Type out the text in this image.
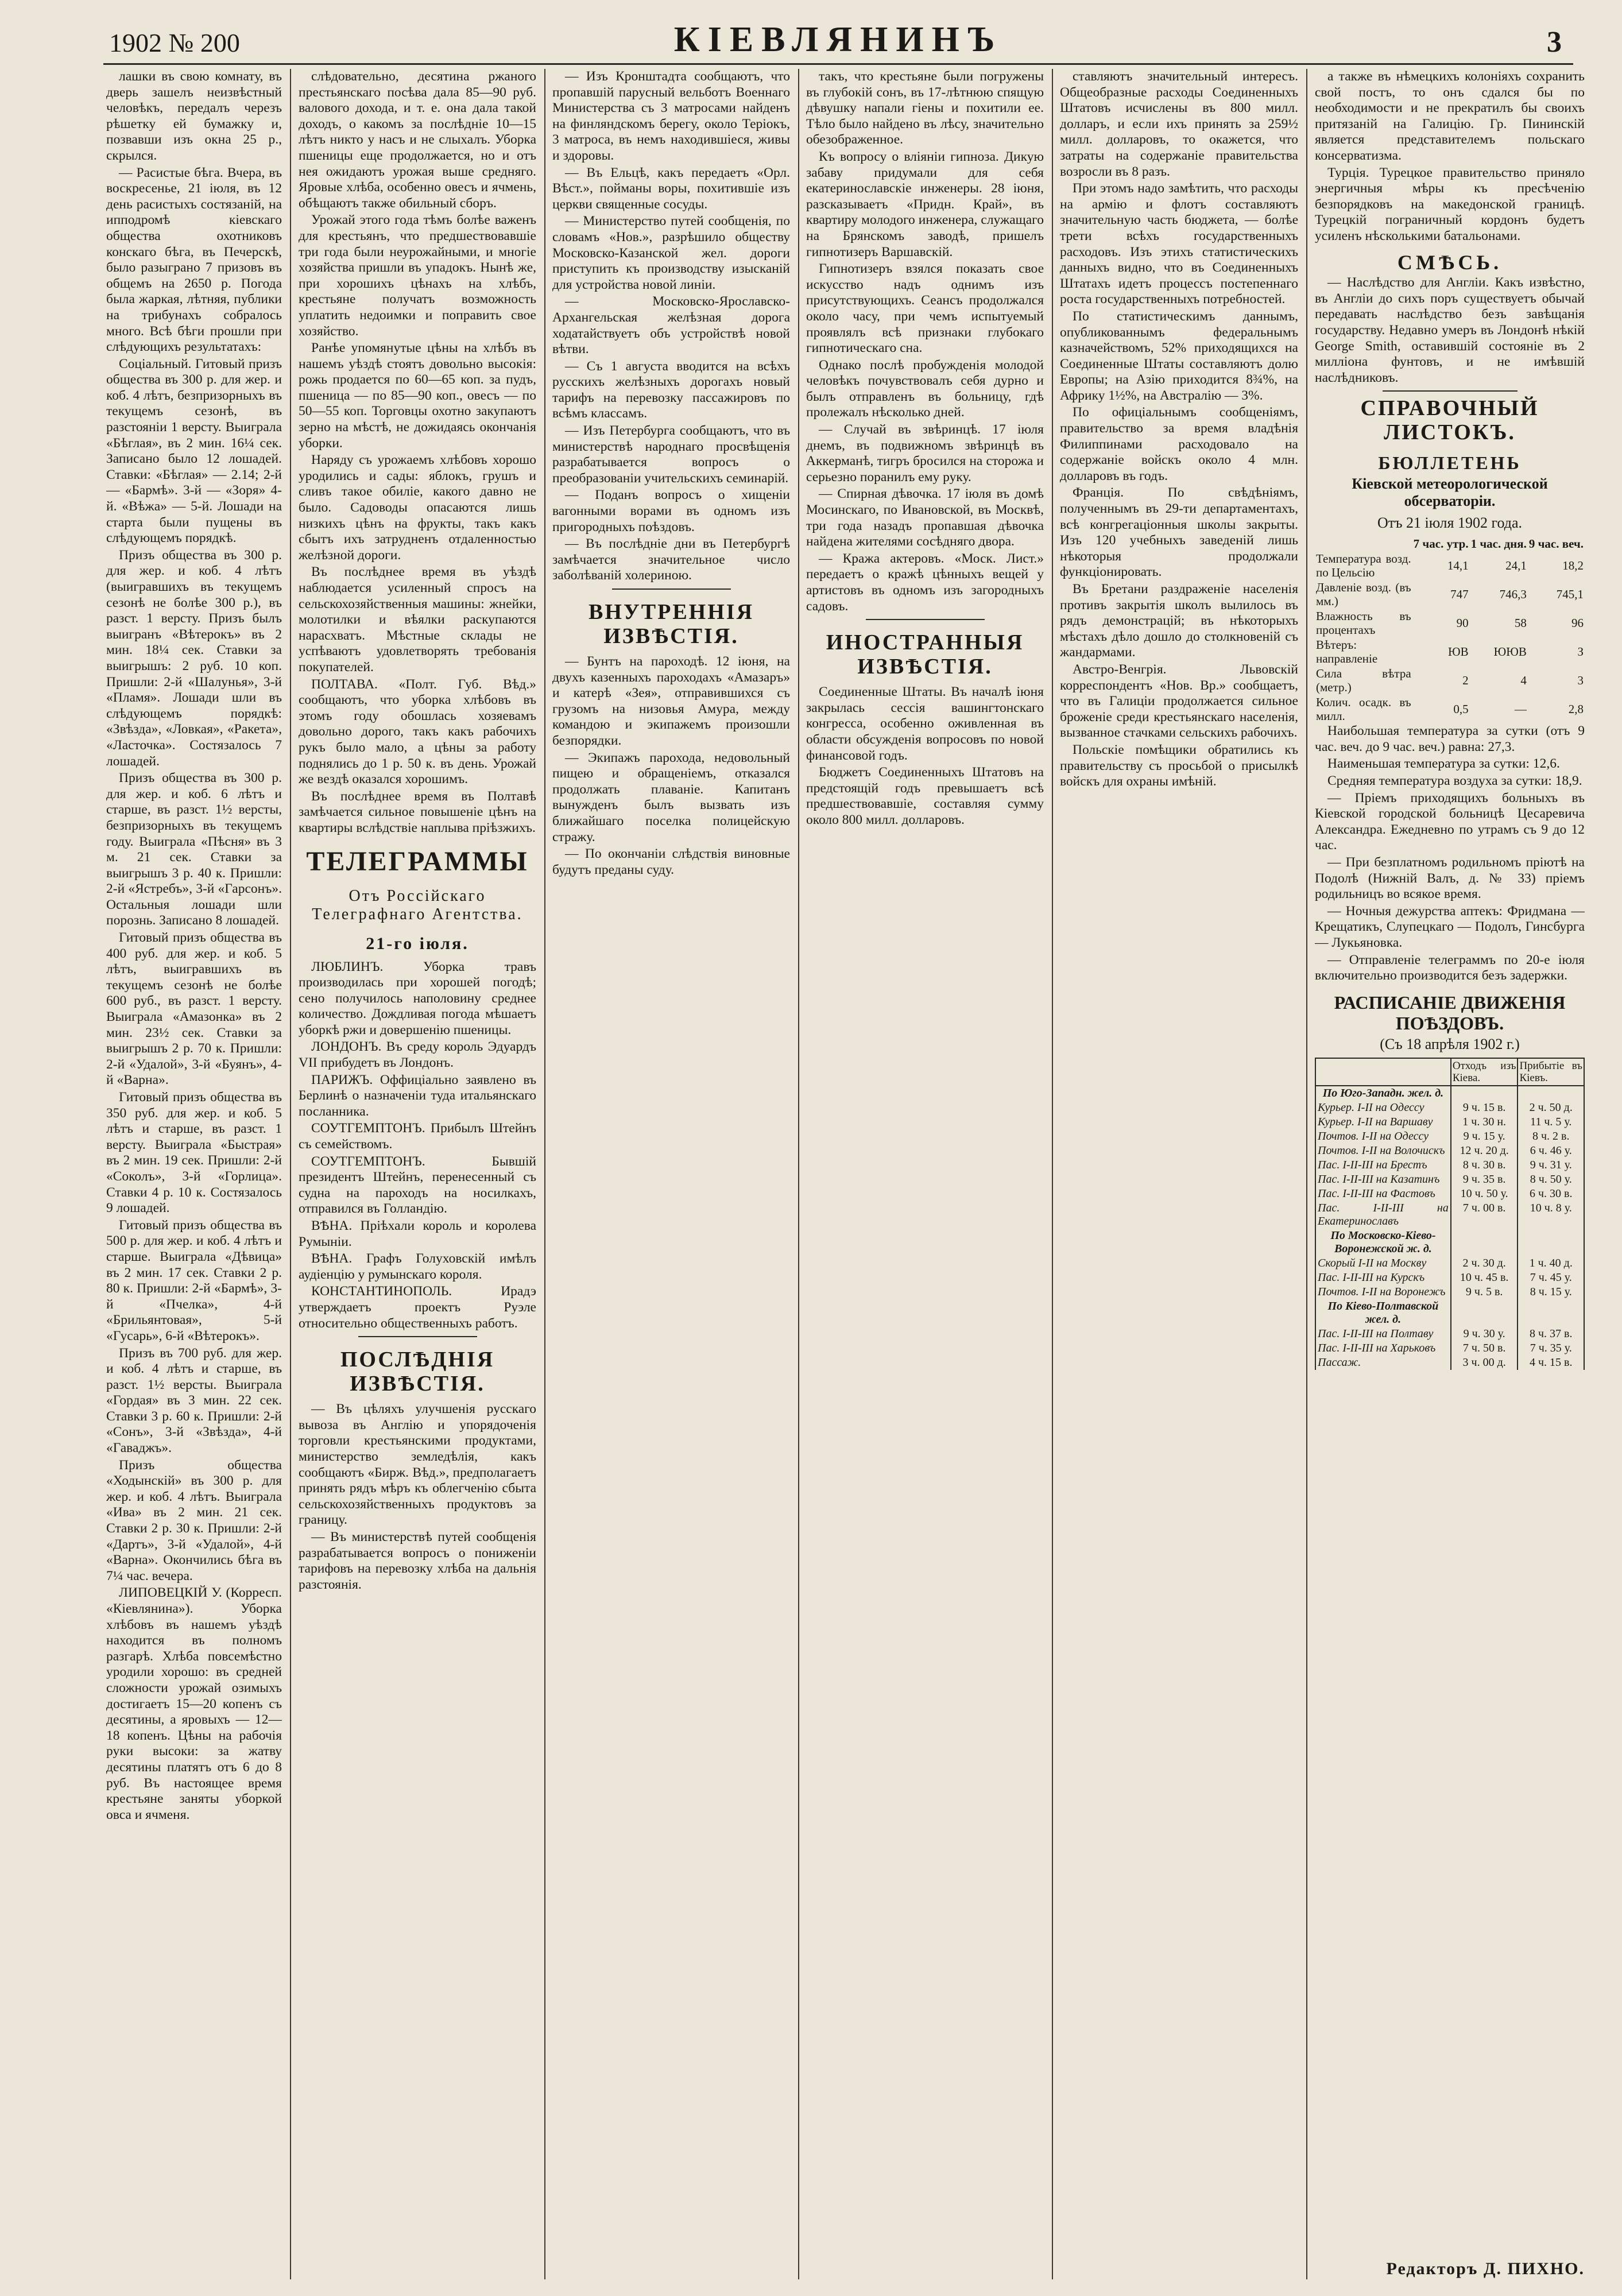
1902 № 200	КІЕВЛЯНИНЪ	3

лашки въ свою комнату, въ дверь зашелъ неизвѣстный человѣкъ, передалъ черезъ рѣшетку ей бумажку и, позвавши изъ окна 25 р., скрылся.

— Расистые бѣга. Вчера, въ воскресенье, 21 іюля, въ 12 день расистыхъ состязаній, на ипподромѣ кіевскаго общества охотниковъ конскаго бѣга, въ Печерскѣ, было разыграно 7 призовъ въ общемъ на 2650 р. Погода была жаркая, лѣтняя, публики на трибунахъ собралось много. Всѣ бѣги прошли при слѣдующихъ результатахъ:

Соціальный. Гитовый призъ общества въ 300 р. для жер. и коб. 4 лѣтъ, безпризорныхъ въ текущемъ сезонѣ, въ разстояніи 1 версту. Выиграла «Бѣглая», въ 2 мин. 16¼ сек. Записано было 12 лошадей. Ставки: «Бѣглая» — 2.14; 2-й — «Бармѣ». 3-й — «Зоря» 4-й. «Вѣжа» — 5-й. Лошади на старта были пущены въ слѣдующемъ порядкѣ.

Призъ общества въ 300 р. для жер. и коб. 4 лѣтъ (выигравшихъ въ текущемъ сезонѣ не болѣе 300 р.), въ разст. 1 версту. Призъ былъ выигранъ «Вѣтерокъ» въ 2 мин. 18¼ сек. Ставки за выигрышъ: 2 руб. 10 коп. Пришли: 2-й «Шалунья», 3-й «Пламя». Лошади шли въ слѣдующемъ порядкѣ: «Звѣзда», «Ловкая», «Ракета», «Ласточка». Состязалось 7 лошадей.

Призъ общества въ 300 р. для жер. и коб. 6 лѣтъ и старше, въ разст. 1½ версты, безпризорныхъ въ текущемъ году. Выиграла «Пѣсня» въ 3 м. 21 сек. Ставки за выигрышъ 3 р. 40 к. Пришли: 2-й «Ястребъ», 3-й «Гарсонъ». Остальныя лошади шли порознь. Записано 8 лошадей.

Гитовый призъ общества въ 400 руб. для жер. и коб. 5 лѣтъ, выигравшихъ въ текущемъ сезонѣ не болѣе 600 руб., въ разст. 1 версту. Выиграла «Амазонка» въ 2 мин. 23½ сек. Ставки за выигрышъ 2 р. 70 к. Пришли: 2-й «Удалой», 3-й «Буянъ», 4-й «Варна».

Гитовый призъ общества въ 350 руб. для жер. и коб. 5 лѣтъ и старше, въ разст. 1 версту. Выиграла «Быстрая» въ 2 мин. 19 сек. Пришли: 2-й «Соколъ», 3-й «Горлица». Ставки 4 р. 10 к. Состязалось 9 лошадей.

Гитовый призъ общества въ 500 р. для жер. и коб. 4 лѣтъ и старше. Выиграла «Дѣвица» въ 2 мин. 17 сек. Ставки 2 р. 80 к. Пришли: 2-й «Бармѣ», 3-й «Пчелка», 4-й «Брильянтовая», 5-й «Гусарь», 6-й «Вѣтерокъ».

Призъ въ 700 руб. для жер. и коб. 4 лѣтъ и старше, въ разст. 1½ версты. Выиграла «Гордая» въ 3 мин. 22 сек. Ставки 3 р. 60 к. Пришли: 2-й «Сонъ», 3-й «Звѣзда», 4-й «Гаваджъ».

Призъ общества «Ходынскій» въ 300 р. для жер. и коб. 4 лѣтъ. Выиграла «Ива» въ 2 мин. 21 сек. Ставки 2 р. 30 к. Пришли: 2-й «Дартъ», 3-й «Удалой», 4-й «Варна». Окончились бѣга въ 7¼ час. вечера.

ЛИПОВЕЦКІЙ У. (Корресп. «Кіевлянина»). Уборка хлѣбовъ въ нашемъ уѣздѣ находится въ полномъ разгарѣ. Хлѣба повсемѣстно уродили хорошо: въ средней сложности урожай озимыхъ достигаетъ 15—20 копенъ съ десятины, а яровыхъ — 12—18 копенъ. Цѣны на рабочія руки высоки: за жатву десятины платятъ отъ 6 до 8 руб. Въ настоящее время крестьяне заняты уборкой овса и ячменя.

слѣдовательно, десятина ржаного престьянскаго посѣва дала 85—90 руб. валового дохода, и т. е. она дала такой доходъ, о какомъ за послѣдніе 10—15 лѣтъ никто у насъ и не слыхалъ. Уборка пшеницы еще продолжается, но и отъ нея ожидаютъ урожая выше средняго. Яровые хлѣба, особенно овесъ и ячмень, обѣщаютъ также обильный сборъ.

Урожай этого года тѣмъ болѣе важенъ для крестьянъ, что предшествовавшіе три года были неурожайными, и многіе хозяйства пришли въ упадокъ. Нынѣ же, при хорошихъ цѣнахъ на хлѣбъ, крестьяне получатъ возможность уплатить недоимки и поправить свое хозяйство.

Ранѣе упомянутые цѣны на хлѣбъ въ нашемъ уѣздѣ стоятъ довольно высокія: рожь продается по 60—65 коп. за пудъ, пшеница — по 85—90 коп., овесъ — по 50—55 коп. Торговцы охотно закупаютъ зерно на мѣстѣ, не дожидаясь окончанія уборки.

Наряду съ урожаемъ хлѣбовъ хорошо уродились и сады: яблокъ, грушъ и сливъ такое обиліе, какого давно не было. Садоводы опасаются лишь низкихъ цѣнъ на фрукты, такъ какъ сбытъ ихъ затрудненъ отдаленностью желѣзной дороги.

Въ послѣднее время въ уѣздѣ наблюдается усиленный спросъ на сельскохозяйственныя машины: жнейки, молотилки и вѣялки раскупаются нарасхватъ. Мѣстные склады не успѣваютъ удовлетворять требованія покупателей.

ПОЛТАВА. «Полт. Губ. Вѣд.» сообщаютъ, что уборка хлѣбовъ въ этомъ году обошлась хозяевамъ довольно дорого, такъ какъ рабочихъ рукъ было мало, а цѣны за работу поднялись до 1 р. 50 к. въ день. Урожай же вездѣ оказался хорошимъ.

Въ послѣднее время въ Полтавѣ замѣчается сильное повышеніе цѣнъ на квартиры вслѣдствіе наплыва пріѣзжихъ.

ТЕЛЕГРАММЫ
Отъ Россійскаго Телеграфнаго Агентства.
21-го іюля.

ЛЮБЛИНЪ. Уборка травъ производилась при хорошей погодѣ; сено получилось наполовину среднее количество. Дождливая погода мѣшаетъ уборкѣ ржи и довершенію пшеницы.

ЛОНДОНЪ. Въ среду король Эдуардъ VII прибудетъ въ Лондонъ.

ПАРИЖЪ. Оффиціально заявлено въ Берлинѣ о назначеніи туда итальянскаго посланника.

СОУТГЕМПТОНЪ. Прибылъ Штейнъ съ семействомъ.

СОУТГЕМПТОНЪ. Бывшій президентъ Штейнъ, перенесенный съ судна на пароходъ на носилкахъ, отправился въ Голландію.

ВѢНА. Пріѣхали король и королева Румыніи.

ВѢНА. Графъ Голуховскій имѣлъ аудіенцію у румынскаго короля.

КОНСТАНТИНОПОЛЬ. Ирадэ утверждаетъ проектъ Руэле относительно общественныхъ работъ.

ПОСЛѢДНІЯ ИЗВѢСТІЯ.

— Въ цѣляхъ улучшенія русскаго вывоза въ Англію и упорядоченія торговли крестьянскими продуктами, министерство земледѣлія, какъ сообщаютъ «Бирж. Вѣд.», предполагаетъ принять рядъ мѣръ къ облегченію сбыта сельскохозяйственныхъ продуктовъ за границу.

— Въ министерствѣ путей сообщенія разрабатывается вопросъ о пониженіи тарифовъ на перевозку хлѣба на дальнія разстоянія.

— Изъ Кронштадта сообщаютъ, что пропавшій парусный вельботъ Военнаго Министерства съ 3 матросами найденъ на финляндскомъ берегу, около Теріокъ, 3 матроса, въ немъ находившіеся, живы и здоровы.

— Въ Ельцѣ, какъ передаетъ «Орл. Вѣст.», пойманы воры, похитившіе изъ церкви священные сосуды.

— Министерство путей сообщенія, по словамъ «Нов.», разрѣшило обществу Московско-Казанской жел. дороги приступить къ производству изысканій для устройства новой линіи.

— Московско-Ярославско-Архангельская желѣзная дорога ходатайствуетъ объ устройствѣ новой вѣтви.

— Съ 1 августа вводится на всѣхъ русскихъ желѣзныхъ дорогахъ новый тарифъ на перевозку пассажировъ по всѣмъ классамъ.

— Изъ Петербурга сообщаютъ, что въ министерствѣ народнаго просвѣщенія разрабатывается вопросъ о преобразованіи учительскихъ семинарій.

— Поданъ вопросъ о хищеніи вагонными ворами въ одномъ изъ пригородныхъ поѣздовъ.

— Въ послѣдніе дни въ Петербургѣ замѣчается значительное число заболѣваній холериною.

ВНУТРЕННІЯ ИЗВѢСТІЯ.

— Бунтъ на пароходѣ. 12 іюня, на двухъ казенныхъ пароходахъ «Амазаръ» и катерѣ «Зея», отправившихся съ грузомъ на низовья Амура, между командою и экипажемъ произошли безпорядки.

— Экипажъ парохода, недовольный пищею и обращеніемъ, отказался продолжать плаваніе. Капитанъ вынужденъ былъ вызвать изъ ближайшаго поселка полицейскую стражу.

— По окончаніи слѣдствія виновные будутъ преданы суду.

такъ, что крестьяне были погружены въ глубокій сонъ, въ 17-лѣтнюю спящую дѣвушку напали гіены и похитили ее. Тѣло было найдено въ лѣсу, значительно обезображенное.

Къ вопросу о вліяніи гипноза. Дикую забаву придумали для себя екатеринославскіе инженеры. 28 іюня, разсказываетъ «Придн. Край», въ квартиру молодого инженера, служащаго на Брянскомъ заводѣ, пришелъ гипнотизеръ Варшавскій.

Гипнотизеръ взялся показать свое искусство надъ однимъ изъ присутствующихъ. Сеансъ продолжался около часу, при чемъ испытуемый проявлялъ всѣ признаки глубокаго гипнотическаго сна.

Однако послѣ пробужденія молодой человѣкъ почувствовалъ себя дурно и былъ отправленъ въ больницу, гдѣ пролежалъ нѣсколько дней.

— Случай въ звѣринцѣ. 17 іюля днемъ, въ подвижномъ звѣринцѣ въ Аккерманѣ, тигръ бросился на сторожа и серьезно поранилъ ему руку.

— Спирная дѣвочка. 17 іюля въ домѣ Мосинскаго, по Ивановской, въ Москвѣ, три года назадъ пропавшая дѣвочка найдена жителями сосѣдняго двора.

— Кража актеровъ. «Моск. Лист.» передаетъ о кражѣ цѣнныхъ вещей у артистовъ въ одномъ изъ загородныхъ садовъ.

ИНОСТРАННЫЯ ИЗВѢСТІЯ.

Соединенные Штаты. Въ началѣ іюня закрылась сессія вашингтонскаго конгресса, особенно оживленная въ области обсужденія вопросовъ по новой финансовой годъ.

Бюджетъ Соединенныхъ Штатовъ на предстоящій годъ превышаетъ всѣ предшествовавшіе, составляя сумму около 800 милл. долларовъ.

ставляютъ значительный интересъ. Общеобразные расходы Соединенныхъ Штатовъ исчислены въ 800 милл. долларъ, и если ихъ принять за 259½ милл. долларовъ, то окажется, что затраты на содержаніе правительства возросли въ 8 разъ.

При этомъ надо замѣтить, что расходы на армію и флотъ составляютъ значительную часть бюджета, — болѣе трети всѣхъ государственныхъ расходовъ. Изъ этихъ статистическихъ данныхъ видно, что въ Соединенныхъ Штатахъ идетъ процессъ постепеннаго роста государственныхъ потребностей.

По статистическимъ даннымъ, опубликованнымъ федеральнымъ казначействомъ, 52% приходящихся на Соединенные Штаты составляютъ долю Европы; на Азію приходится 8¾%, на Африку 1½%, на Австралію — 3%.

По офиціальнымъ сообщеніямъ, правительство за время владѣнія Филиппинами расходовало на содержаніе войскъ около 4 млн. долларовъ въ годъ.

Франція. По свѣдѣніямъ, полученнымъ въ 29-ти департаментахъ, всѣ конгрегаціонныя школы закрыты. Изъ 120 учебныхъ заведеній лишь нѣкоторыя продолжали функціонировать.

Въ Бретани раздраженіе населенія противъ закрытія школъ вылилось въ рядъ демонстрацій; въ нѣкоторыхъ мѣстахъ дѣло дошло до столкновеній съ жандармами.

Австро-Венгрія. Львовскій корреспондентъ «Нов. Вр.» сообщаетъ, что въ Галиціи продолжается сильное броженіе среди крестьянскаго населенія, вызванное стачками сельскихъ рабочихъ.

Польскіе помѣщики обратились къ правительству съ просьбой о присылкѣ войскъ для охраны имѣній.

а также въ нѣмецкихъ колоніяхъ сохранить свой постъ, то онъ сдался бы по необходимости и не прекратилъ бы своихъ притязаній на Галицію. Гр. Пининскій является представителемъ польскаго консерватизма.

Турція. Турецкое правительство приняло энергичныя мѣры къ пресѣченію безпорядковъ на македонской границѣ. Турецкій пограничный кордонъ будетъ усиленъ нѣсколькими батальонами.

СМѢСЬ.

— Наслѣдство для Англіи. Какъ извѣстно, въ Англіи до сихъ поръ существуетъ обычай передавать наслѣдство безъ завѣщанія государству. Недавно умеръ въ Лондонѣ нѣкій George Smith, оставившій состояніе въ 2 милліона фунтовъ, и не имѣвшій наслѣдниковъ.

СПРАВОЧНЫЙ ЛИСТОКЪ.
БЮЛЛЕТЕНЬ
Кіевской метеорологической обсерваторіи.
Отъ 21 іюля 1902 года.
	7 час. утр.	1 час. дня.	9 час. веч.
Температура возд. по Цельсію	14,1	24,1	18,2
Давленіе возд. (въ мм.)	747	746,3	745,1
Влажность въ процентахъ	90	58	96
Вѣтеръ: направленіе	ЮВ	ЮЮВ	З
Сила вѣтра (метр.)	2	4	3
Колич. осадк. въ милл.	0,5	—	2,8

Наибольшая температура за сутки (отъ 9 час. веч. до 9 час. веч.) равна: 27,3.

Наименьшая температура за сутки: 12,6.

Средняя температура воздуха за сутки: 18,9.

— Пріемъ приходящихъ больныхъ въ Кіевской городской больницѣ Цесаревича Александра. Ежедневно по утрамъ съ 9 до 12 час.

— При безплатномъ родильномъ пріютѣ на Подолѣ (Нижній Валъ, д. № 33) пріемъ родильницъ во всякое время.

— Ночныя дежурства аптекъ: Фридмана — Крещатикъ, Слупецкаго — Подолъ, Гинсбурга — Лукьяновка.

— Отправленіе телеграммъ по 20-е іюля включительно производится безъ задержки.

РАСПИСАНІЕ ДВИЖЕНІЯ ПОѢЗДОВЪ.
(Съ 18 апрѣля 1902 г.)
	Отходъ изъ Кіева.	Прибытіе въ Кіевъ.
По Юго-Западн. жел. д.		
Курьер. I-II на Одессу	9 ч. 15 в.	2 ч. 50 д.
Курьер. I-II на Варшаву	1 ч. 30 н.	11 ч. 5 у.
Почтов. I-II на Одессу	9 ч. 15 у.	8 ч. 2 в.
Почтов. I-II на Волочискъ	12 ч. 20 д.	6 ч. 46 у.
Пас. I-II-III на Брестъ	8 ч. 30 в.	9 ч. 31 у.
Пас. I-II-III на Казатинъ	9 ч. 35 в.	8 ч. 50 у.
Пас. I-II-III на Фастовъ	10 ч. 50 у.	6 ч. 30 в.
Пас. I-II-III на Екатеринославъ	7 ч. 00 в.	10 ч. 8 у.
По Московско-Кіево-Воронежской ж. д.		
Скорый I-II на Москву	2 ч. 30 д.	1 ч. 40 д.
Пас. I-II-III на Курскъ	10 ч. 45 в.	7 ч. 45 у.
Почтов. I-II на Воронежъ	9 ч. 5 в.	8 ч. 15 у.
По Кіево-Полтавской жел. д.		
Пас. I-II-III на Полтаву	9 ч. 30 у.	8 ч. 37 в.
Пас. I-II-III на Харьковъ	7 ч. 50 в.	7 ч. 35 у.
Пассаж.	3 ч. 00 д.	4 ч. 15 в.
Редакторъ Д. ПИХНО.
